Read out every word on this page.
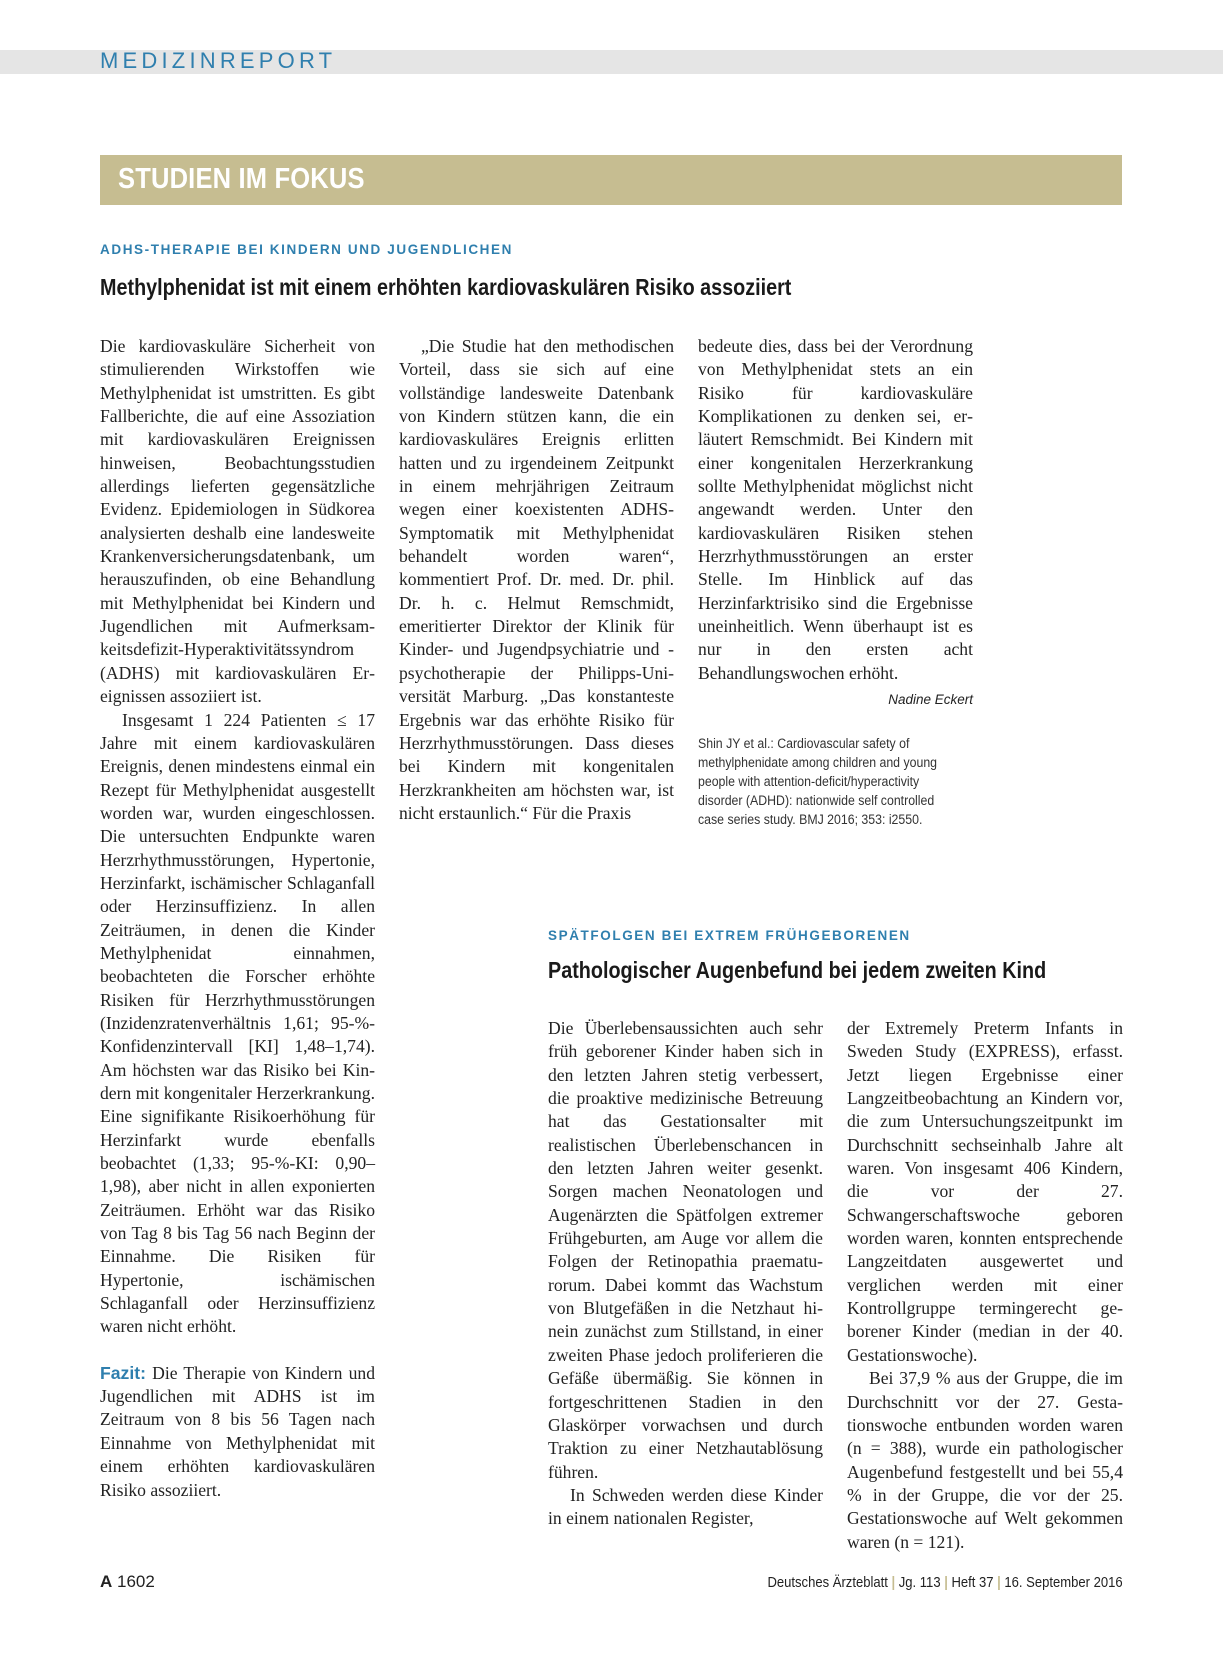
MEDIZINREPORT
STUDIEN IM FOKUS
ADHS-THERAPIE BEI KINDERN UND JUGENDLICHEN
Methylphenidat ist mit einem erhöhten kardiovaskulären Risiko assoziiert

Die kardiovaskuläre Sicherheit von stimulierenden Wirkstoffen wie Methylphenidat ist umstritten. Es gibt Fallberichte, die auf eine Assoziation mit kardiovaskulären Ereignissen hinweisen, Beobachtungsstudien allerdings lieferten gegensätzliche Evidenz. Epidemiologen in Südkorea analysierten deshalb eine landesweite Krankenversicherungsdatenbank, um herauszufinden, ob eine Behandlung mit Methylphenidat bei Kindern und Jugendlichen mit Aufmerksamkeitsdefizit-Hyperaktivitätssyndrom (ADHS) mit kardiovaskulären Ereignissen assoziiert ist.

Insgesamt 1 224 Patienten ≤ 17 Jahre mit einem kardiovaskulären Ereignis, denen mindestens einmal ein Rezept für Methylphenidat ausgestellt worden war, wurden eingeschlossen. Die untersuchten Endpunkte waren Herzrhythmusstörungen, Hypertonie, Herzinfarkt, ischämischer Schlaganfall oder Herzinsuffizienz. In allen Zeiträumen, in denen die Kinder Methylphenidat einnahmen, beobachteten die Forscher erhöhte Risiken für Herzrhythmusstörungen (Inzidenzratenverhältnis 1,61; 95-%-Konfidenzintervall [KI] 1,48–1,74). Am höchsten war das Risiko bei Kindern mit kongenitaler Herzerkrankung. Eine signifikante Risikoerhöhung für Herzinfarkt wurde ebenfalls beobachtet (1,33; 95-%-KI: 0,90–1,98), aber nicht in allen exponierten Zeiträumen. Erhöht war das Risiko von Tag 8 bis Tag 56 nach Beginn der Einnahme. Die Risiken für Hypertonie, ischämischen Schlaganfall oder Herzinsuffizienz waren nicht erhöht.

Fazit: Die Therapie von Kindern und Jugendlichen mit ADHS ist im Zeitraum von 8 bis 56 Tagen nach Einnahme von Methylphenidat mit einem erhöhten kardiovaskulären Risiko assoziiert.

„Die Studie hat den methodischen Vorteil, dass sie sich auf eine vollständige landesweite Datenbank von Kindern stützen kann, die ein kardiovaskuläres Ereignis erlitten hatten und zu irgendeinem Zeitpunkt in einem mehrjährigen Zeitraum wegen einer koexistenten ADHS-Symptomatik mit Methylphenidat behandelt worden waren“, kommentiert Prof. Dr. med. Dr. phil. Dr. h. c. Helmut Remschmidt, emeritierter Direktor der Klinik für Kinder- und Jugendpsychiatrie und -psychotherapie der Philipps-Universität Marburg. „Das konstanteste Ergebnis war das erhöhte Risiko für Herzrhythmusstörungen. Dass dieses bei Kindern mit kongenitalen Herzkrankheiten am höchsten war, ist nicht erstaunlich.“ Für die Praxis
bedeute dies, dass bei der Verordnung von Methylphenidat stets an ein Risiko für kardiovaskuläre Komplikationen zu denken sei, erläutert Remschmidt. Bei Kindern mit einer kongenitalen Herzerkrankung sollte Methylphenidat möglichst nicht angewandt werden. Unter den kardiovaskulären Risiken stehen Herzrhythmusstörungen an erster Stelle. Im Hinblick auf das Herzinfarktrisiko sind die Ergebnisse uneinheitlich. Wenn überhaupt ist es nur in den ersten acht Behandlungswochen erhöht.
Nadine Eckert
Shin JY et al.: Cardiovascular safety of methylphenidate among children and young people with attention-deficit/hyperactivity disorder (ADHD): nationwide self controlled case series study. BMJ 2016; 353: i2550.
SPÄTFOLGEN BEI EXTREM FRÜHGEBORENEN
Pathologischer Augenbefund bei jedem zweiten Kind

Die Überlebensaussichten auch sehr früh geborener Kinder haben sich in den letzten Jahren stetig verbessert, die proaktive medizinische Betreuung hat das Gestationsalter mit realistischen Überlebenschancen in den letzten Jahren weiter gesenkt. Sorgen machen Neonatologen und Augenärzten die Spätfolgen extremer Frühgeburten, am Auge vor allem die Folgen der Retinopathia praematurorum. Dabei kommt das Wachstum von Blutgefäßen in die Netzhaut hinein zunächst zum Stillstand, in einer zweiten Phase jedoch proliferieren die Gefäße übermäßig. Sie können in fortgeschrittenen Stadien in den Glaskörper vorwachsen und durch Traktion zu einer Netzhautablösung führen.

In Schweden werden diese Kinder in einem nationalen Register,

der Extremely Preterm Infants in Sweden Study (EXPRESS), erfasst. Jetzt liegen Ergebnisse einer Langzeitbeobachtung an Kindern vor, die zum Untersuchungszeitpunkt im Durchschnitt sechseinhalb Jahre alt waren. Von insgesamt 406 Kindern, die vor der 27. Schwangerschaftswoche geboren worden waren, konnten entsprechende Langzeitdaten ausgewertet und verglichen werden mit einer Kontrollgruppe termingerecht geborener Kinder (median in der 40. Gestationswoche).

Bei 37,9 % aus der Gruppe, die im Durchschnitt vor der 27. Gestationswoche entbunden worden waren (n = 388), wurde ein pathologischer Augenbefund festgestellt und bei 55,4 % in der Gruppe, die vor der 25. Gestationswoche auf Welt gekommen waren (n = 121).

A 1602	Deutsches Ärzteblatt | Jg. 113 | Heft 37 | 16. September 2016
